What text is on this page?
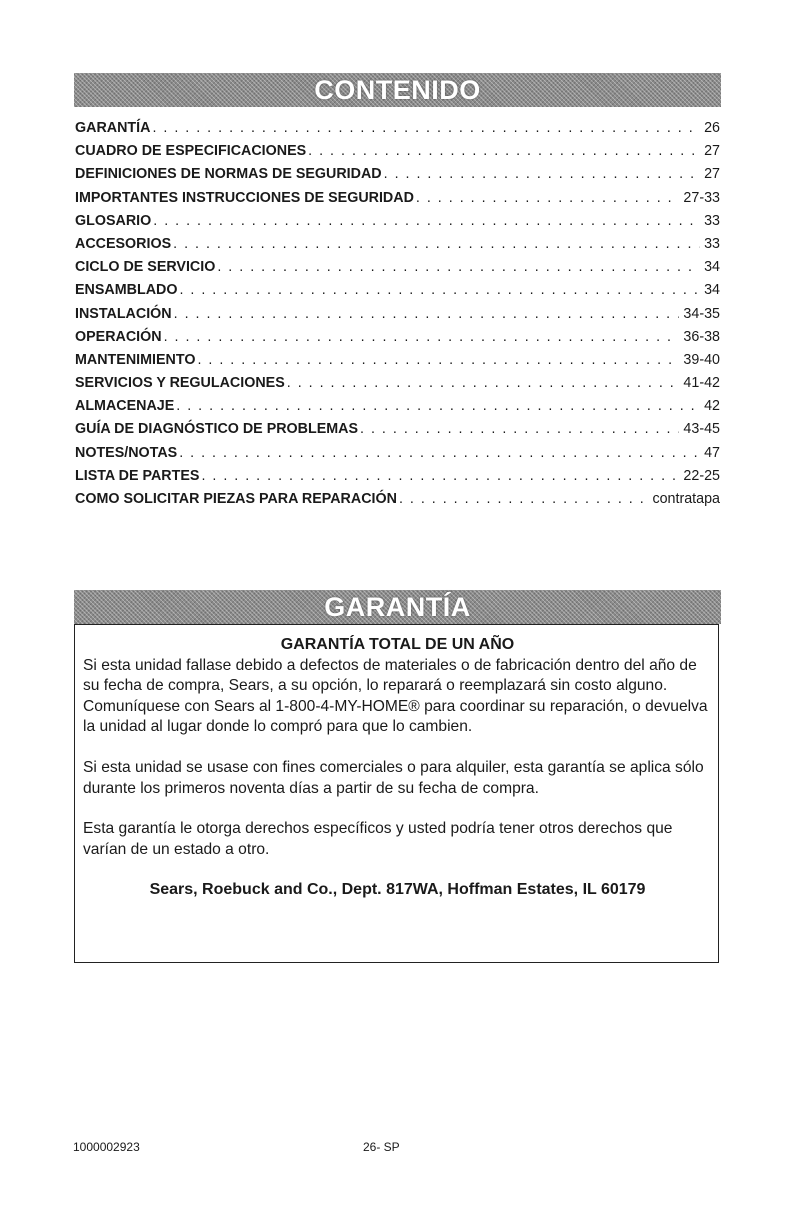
CONTENIDO
GARANTÍA . . .	26
CUADRO DE ESPECIFICACIONES . . .	27
DEFINICIONES DE NORMAS DE SEGURIDAD . . .	27
IMPORTANTES INSTRUCCIONES DE SEGURIDAD . . .	27-33
GLOSARIO . . .	33
ACCESORIOS . . .	33
CICLO DE SERVICIO . . .	34
ENSAMBLADO . . .	34
INSTALACIÓN . . .	34-35
OPERACIÓN . . .	36-38
MANTENIMIENTO . . .	39-40
SERVICIOS Y REGULACIONES . . .	41-42
ALMACENAJE . . .	42
GUÍA DE DIAGNÓSTICO DE PROBLEMAS . . .	43-45
NOTES/NOTAS . . .	47
LISTA DE PARTES . . .	22-25
COMO SOLICITAR PIEZAS PARA REPARACIÓN . . .	contratapa
GARANTÍA
GARANTÍA TOTAL DE UN AÑO

Si esta unidad fallase debido a defectos de materiales o de fabricación dentro del año de su fecha de compra, Sears, a su opción, lo reparará o reemplazará sin costo alguno. Comuníquese con Sears al 1-800-4-MY-HOME® para coordinar su reparación, o devuelva la unidad al lugar donde lo compró para que lo cambien.

Si esta unidad se usase con fines comerciales o para alquiler, esta garantía se aplica sólo durante los primeros noventa días a partir de su fecha de compra.

Esta garantía le otorga derechos específicos y usted podría tener otros derechos que varían de un estado a otro.

Sears, Roebuck and Co., Dept. 817WA, Hoffman Estates, IL 60179
1000002923	26- SP
